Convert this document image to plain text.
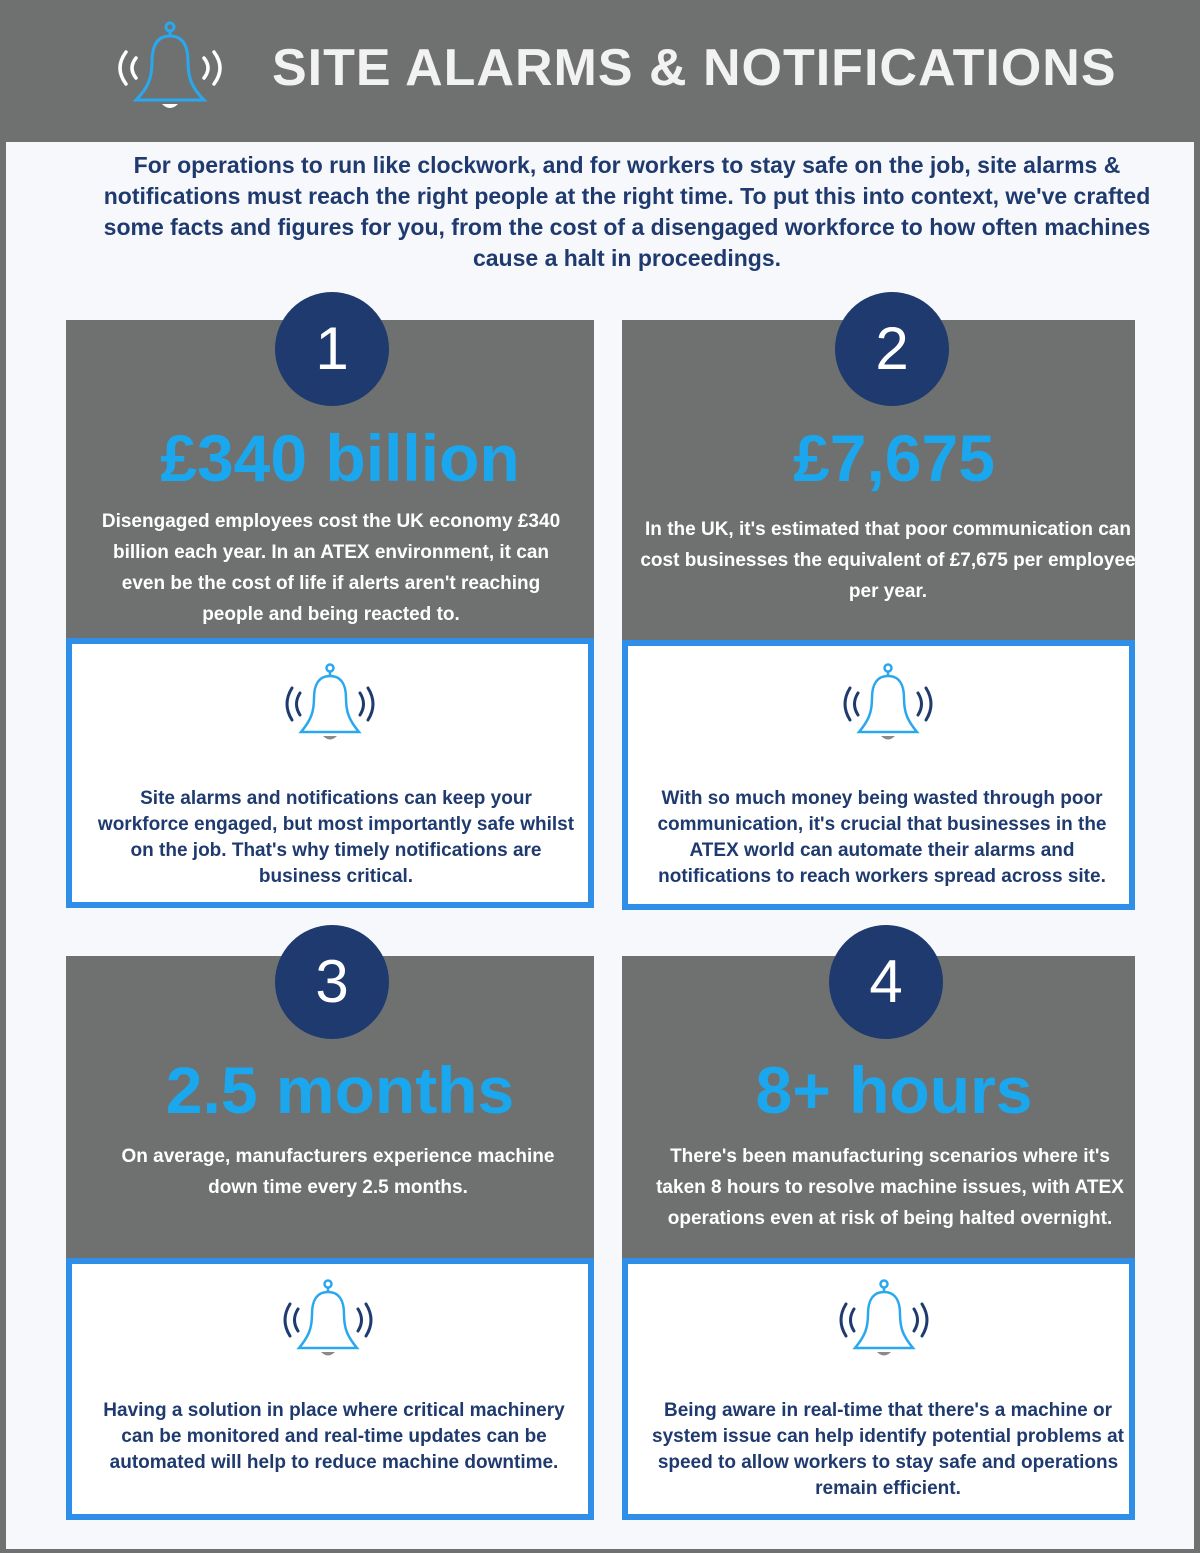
SITE ALARMS & NOTIFICATIONS
For operations to run like clockwork, and for workers to stay safe on the job, site alarms & notifications must reach the right people at the right time. To put this into context, we've crafted some facts and figures for you, from the cost of a disengaged workforce to how often machines cause a halt in proceedings.
1
£340 billion
Disengaged employees cost the UK economy £340 billion each year. In an ATEX environment, it can even be the cost of life if alerts aren't reaching people and being reacted to.
Site alarms and notifications can keep your workforce engaged, but most importantly safe whilst on the job. That's why timely notifications are business critical.
2
£7,675
In the UK, it's estimated that poor communication can cost businesses the equivalent of £7,675 per employee per year.
With so much money being wasted through poor communication, it's crucial that businesses in the ATEX world can automate their alarms and notifications to reach workers spread across site.
3
2.5 months
On average, manufacturers experience machine down time every 2.5 months.
Having a solution in place where critical machinery can be monitored and real-time updates can be automated will help to reduce machine downtime.
4
8+ hours
There's been manufacturing scenarios where it's taken 8 hours to resolve machine issues, with ATEX operations even at risk of being halted overnight.
Being aware in real-time that there's a machine or system issue can help identify potential problems at speed to allow workers to stay safe and operations remain efficient.
